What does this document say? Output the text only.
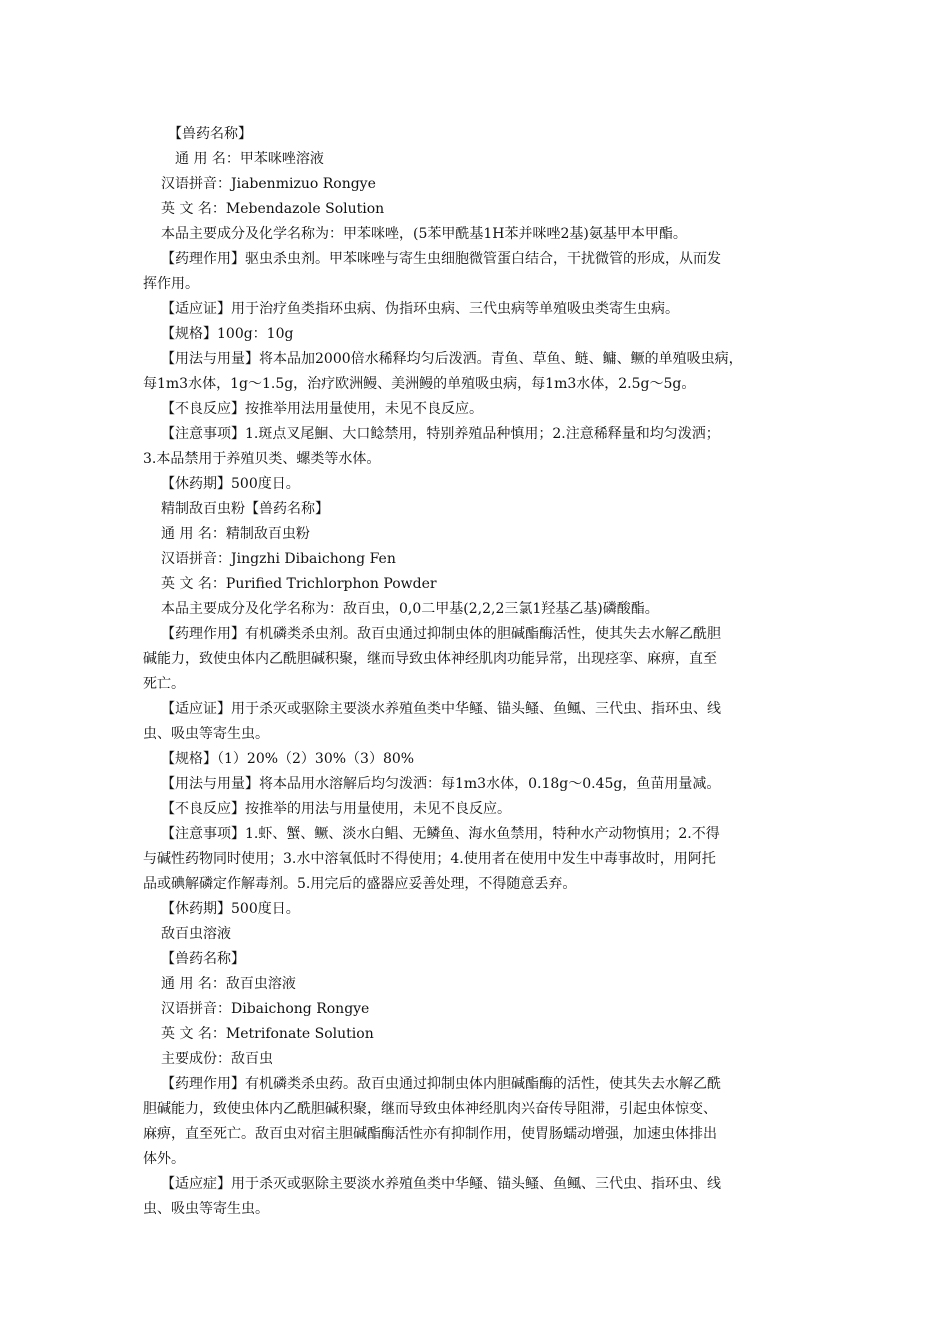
　【兽药名称】
　通 用 名：甲苯咪唑溶液
汉语拼音：Jiabenmizuo Rongye
英 文 名：Mebendazole Solution
本品主要成分及化学名称为：甲苯咪唑，(5苯甲酰基1H苯并咪唑2基)氨基甲本甲酯。
【药理作用】驱虫杀虫剂。甲苯咪唑与寄生虫细胞微管蛋白结合，干扰微管的形成，从而发
挥作用。
【适应证】用于治疗鱼类指环虫病、伪指环虫病、三代虫病等单殖吸虫类寄生虫病。
【规格】100g：10g
【用法与用量】将本品加2000倍水稀释均匀后泼洒。青鱼、草鱼、鲢、鳙、鳜的单殖吸虫病，
每1m3水体，1g～1.5g，治疗欧洲鳗、美洲鳗的单殖吸虫病，每1m3水体，2.5g～5g。
【不良反应】按推举用法用量使用，未见不良反应。
【注意事项】1.斑点叉尾鮰、大口鲶禁用，特别养殖品种慎用；2.注意稀释量和均匀泼洒；
3.本品禁用于养殖贝类、螺类等水体。
【休药期】500度日。
精制敌百虫粉【兽药名称】
通 用 名：精制敌百虫粉
汉语拼音：Jingzhi Dibaichong Fen
英 文 名：Purified Trichlorphon Powder
本品主要成分及化学名称为：敌百虫，0,0二甲基(2,2,2三氯1羟基乙基)磷酸酯。
【药理作用】有机磷类杀虫剂。敌百虫通过抑制虫体的胆碱酯酶活性，使其失去水解乙酰胆
碱能力，致使虫体内乙酰胆碱积聚，继而导致虫体神经肌肉功能异常，出现痉挛、麻痹，直至
死亡。
【适应证】用于杀灭或驱除主要淡水养殖鱼类中华鳋、锚头鳋、鱼鲺、三代虫、指环虫、线
虫、吸虫等寄生虫。
【规格】（1）20%（2）30%（3）80%
【用法与用量】将本品用水溶解后均匀泼洒：每1m3水体，0.18g～0.45g，鱼苗用量减。
【不良反应】按推举的用法与用量使用，未见不良反应。
【注意事项】1.虾、蟹、鳜、淡水白鲳、无鳞鱼、海水鱼禁用，特种水产动物慎用；2.不得
与碱性药物同时使用；3.水中溶氧低时不得使用；4.使用者在使用中发生中毒事故时，用阿托
品或碘解磷定作解毒剂。5.用完后的盛器应妥善处理，不得随意丢弃。
【休药期】500度日。
敌百虫溶液
【兽药名称】
通 用 名：敌百虫溶液
汉语拼音：Dibaichong Rongye
英 文 名：Metrifonate Solution
主要成份：敌百虫
【药理作用】有机磷类杀虫药。敌百虫通过抑制虫体内胆碱酯酶的活性，使其失去水解乙酰
胆碱能力，致使虫体内乙酰胆碱积聚，继而导致虫体神经肌肉兴奋传导阻滞，引起虫体惊变、
麻痹，直至死亡。敌百虫对宿主胆碱酯酶活性亦有抑制作用，使胃肠蠕动增强，加速虫体排出
体外。
【适应症】用于杀灭或驱除主要淡水养殖鱼类中华鳋、锚头鳋、鱼鲺、三代虫、指环虫、线
虫、吸虫等寄生虫。
